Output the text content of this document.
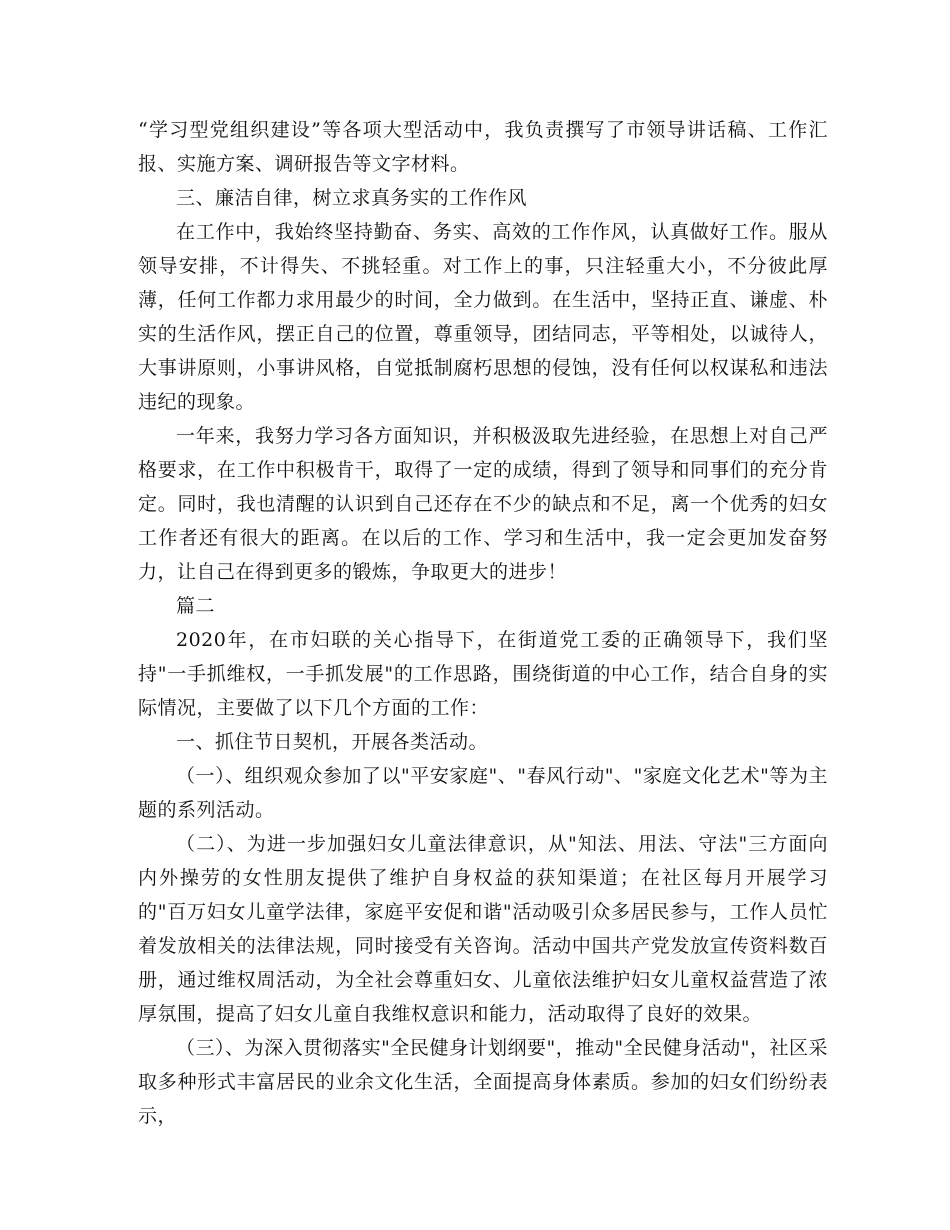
“学习型党组织建设”等各项大型活动中，我负责撰写了市领导讲话稿、工作汇报、实施方案、调研报告等文字材料。

三、廉洁自律，树立求真务实的工作作风

在工作中，我始终坚持勤奋、务实、高效的工作作风，认真做好工作。服从领导安排，不计得失、不挑轻重。对工作上的事，只注轻重大小，不分彼此厚薄，任何工作都力求用最少的时间，全力做到。在生活中，坚持正直、谦虚、朴实的生活作风，摆正自己的位置，尊重领导，团结同志，平等相处，以诚待人，大事讲原则，小事讲风格，自觉抵制腐朽思想的侵蚀，没有任何以权谋私和违法违纪的现象。

一年来，我努力学习各方面知识，并积极汲取先进经验，在思想上对自己严格要求，在工作中积极肯干，取得了一定的成绩，得到了领导和同事们的充分肯定。同时，我也清醒的认识到自己还存在不少的缺点和不足，离一个优秀的妇女工作者还有很大的距离。在以后的工作、学习和生活中，我一定会更加发奋努力，让自己在得到更多的锻炼，争取更大的进步！

篇二

2020年，在市妇联的关心指导下，在街道党工委的正确领导下，我们坚持"一手抓维权，一手抓发展"的工作思路，围绕街道的中心工作，结合自身的实际情况，主要做了以下几个方面的工作：

一、抓住节日契机，开展各类活动。

（一）、组织观众参加了以"平安家庭"、"春风行动"、"家庭文化艺术"等为主题的系列活动。

（二）、为进一步加强妇女儿童法律意识，从"知法、用法、守法"三方面向内外操劳的女性朋友提供了维护自身权益的获知渠道；在社区每月开展学习的"百万妇女儿童学法律，家庭平安促和谐"活动吸引众多居民参与，工作人员忙着发放相关的法律法规，同时接受有关咨询。活动中国共产党发放宣传资料数百册，通过维权周活动，为全社会尊重妇女、儿童依法维护妇女儿童权益营造了浓厚氛围，提高了妇女儿童自我维权意识和能力，活动取得了良好的效果。

（三）、为深入贯彻落实"全民健身计划纲要"，推动"全民健身活动"，社区采取多种形式丰富居民的业余文化生活，全面提高身体素质。参加的妇女们纷纷表示，
